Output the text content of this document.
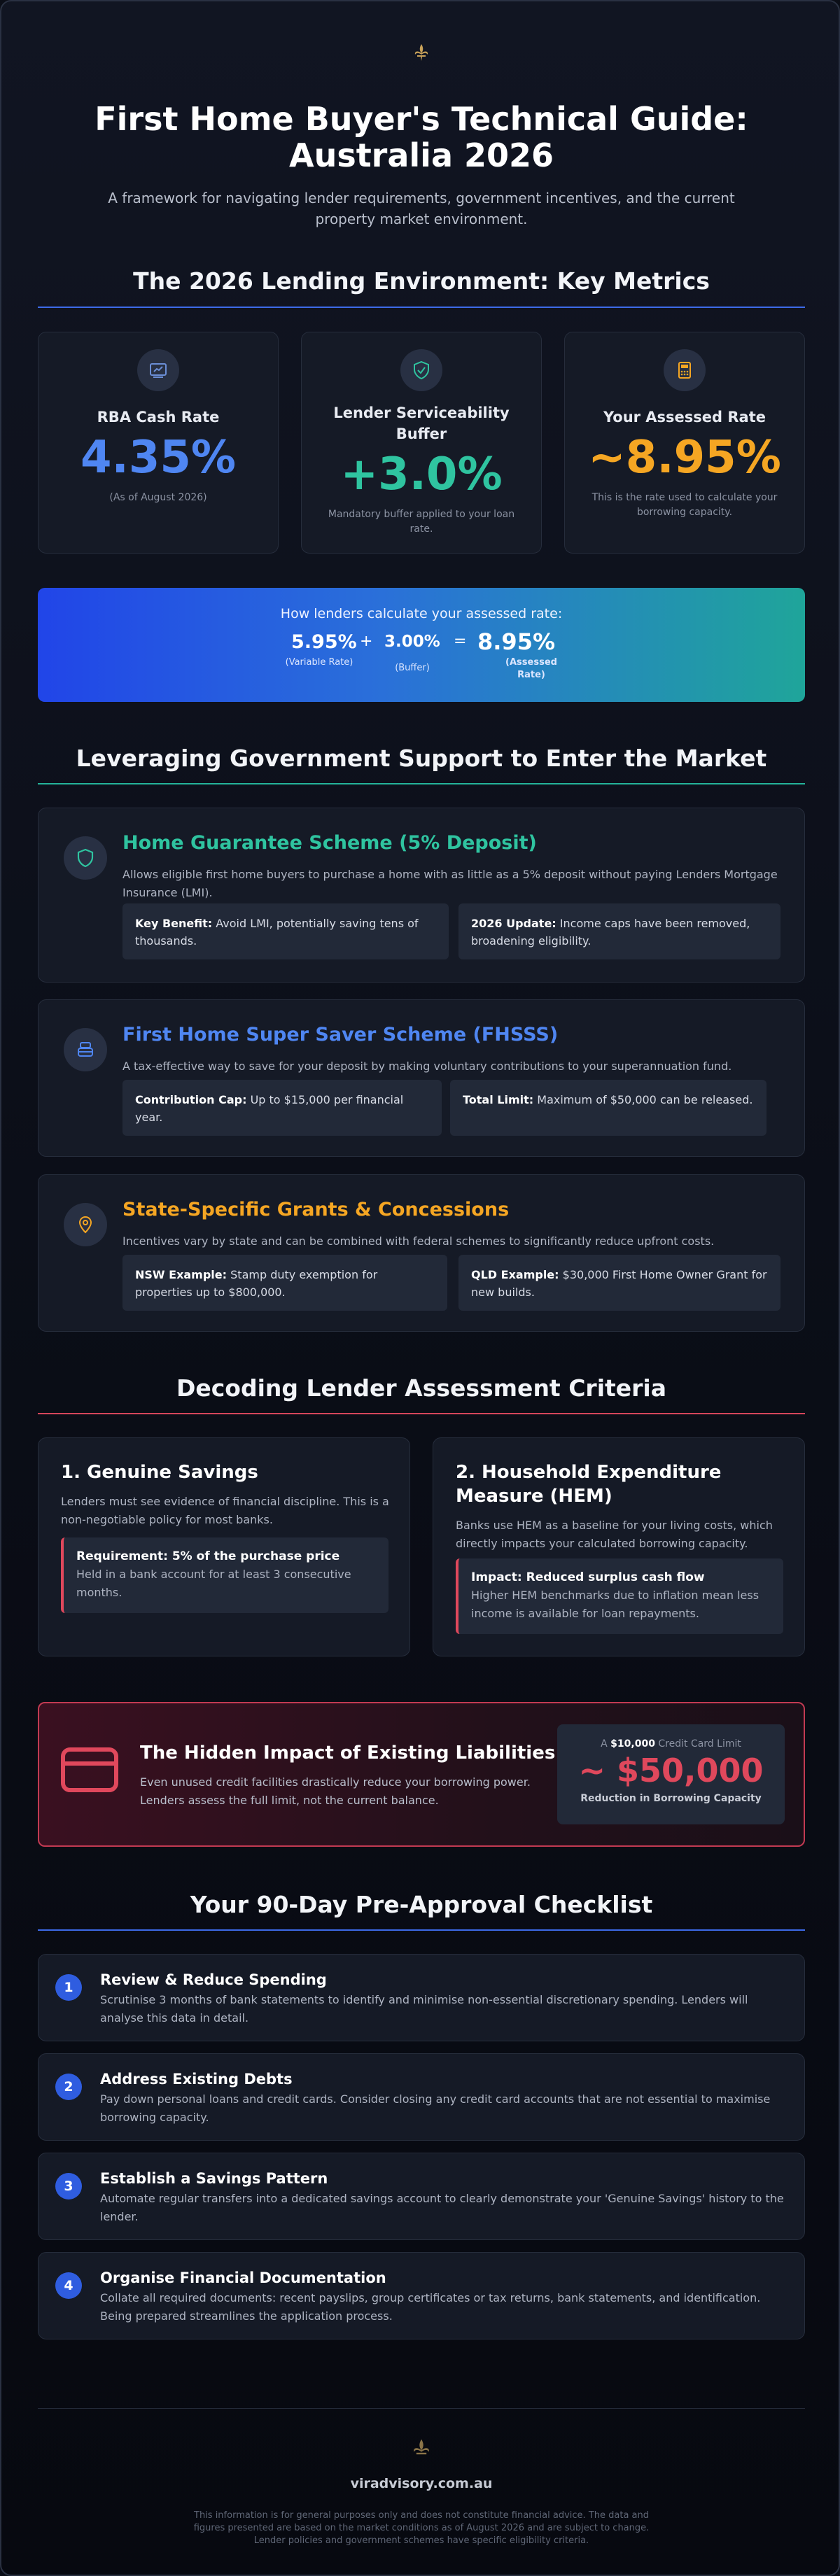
First Home Buyer's Technical Guide: Australia 2026

A framework for navigating lender requirements, government incentives, and the current property market environment.

The 2026 Lending Environment: Key Metrics
RBA Cash Rate
4.35%
(As of August 2026)
Lender Serviceability Buffer
+3.0%
Mandatory buffer applied to your loan rate.
Your Assessed Rate
~8.95%
This is the rate used to calculate your borrowing capacity.
How lenders calculate your assessed rate:
5.95%
(Variable Rate)
+ 3.00%
(Buffer)
= 8.95%
(Assessed Rate)
Leveraging Government Support to Enter the Market
Home Guarantee Scheme (5% Deposit)
Allows eligible first home buyers to purchase a home with as little as a 5% deposit without paying Lenders Mortgage Insurance (LMI).
Key Benefit: Avoid LMI, potentially saving tens of thousands.
2026 Update: Income caps have been removed, broadening eligibility.
First Home Super Saver Scheme (FHSSS)
A tax-effective way to save for your deposit by making voluntary contributions to your superannuation fund.
Contribution Cap: Up to $15,000 per financial year.
Total Limit: Maximum of $50,000 can be released.
State-Specific Grants & Concessions
Incentives vary by state and can be combined with federal schemes to significantly reduce upfront costs.
NSW Example: Stamp duty exemption for properties up to $800,000.
QLD Example: $30,000 First Home Owner Grant for new builds.
Decoding Lender Assessment Criteria
1. Genuine Savings
Lenders must see evidence of financial discipline. This is a non-negotiable policy for most banks.
Requirement: 5% of the purchase price
Held in a bank account for at least 3 consecutive months.
2. Household Expenditure Measure (HEM)
Banks use HEM as a baseline for your living costs, which directly impacts your calculated borrowing capacity.
Impact: Reduced surplus cash flow
Higher HEM benchmarks due to inflation mean less income is available for loan repayments.
The Hidden Impact of Existing Liabilities
Even unused credit facilities drastically reduce your borrowing power. Lenders assess the full limit, not the current balance.
A $10,000 Credit Card Limit
~ $50,000
Reduction in Borrowing Capacity
Your 90-Day Pre-Approval Checklist
1	Review & Reduce Spending
Scrutinise 3 months of bank statements to identify and minimise non-essential discretionary spending. Lenders will analyse this data in detail.
2	Address Existing Debts
Pay down personal loans and credit cards. Consider closing any credit card accounts that are not essential to maximise borrowing capacity.
3	Establish a Savings Pattern
Automate regular transfers into a dedicated savings account to clearly demonstrate your 'Genuine Savings' history to the lender.
4	Organise Financial Documentation
Collate all required documents: recent payslips, group certificates or tax returns, bank statements, and identification. Being prepared streamlines the application process.
viradvisory.com.au
This information is for general purposes only and does not constitute financial advice. The data and figures presented are based on the market conditions as of August 2026 and are subject to change. Lender policies and government schemes have specific eligibility criteria.
